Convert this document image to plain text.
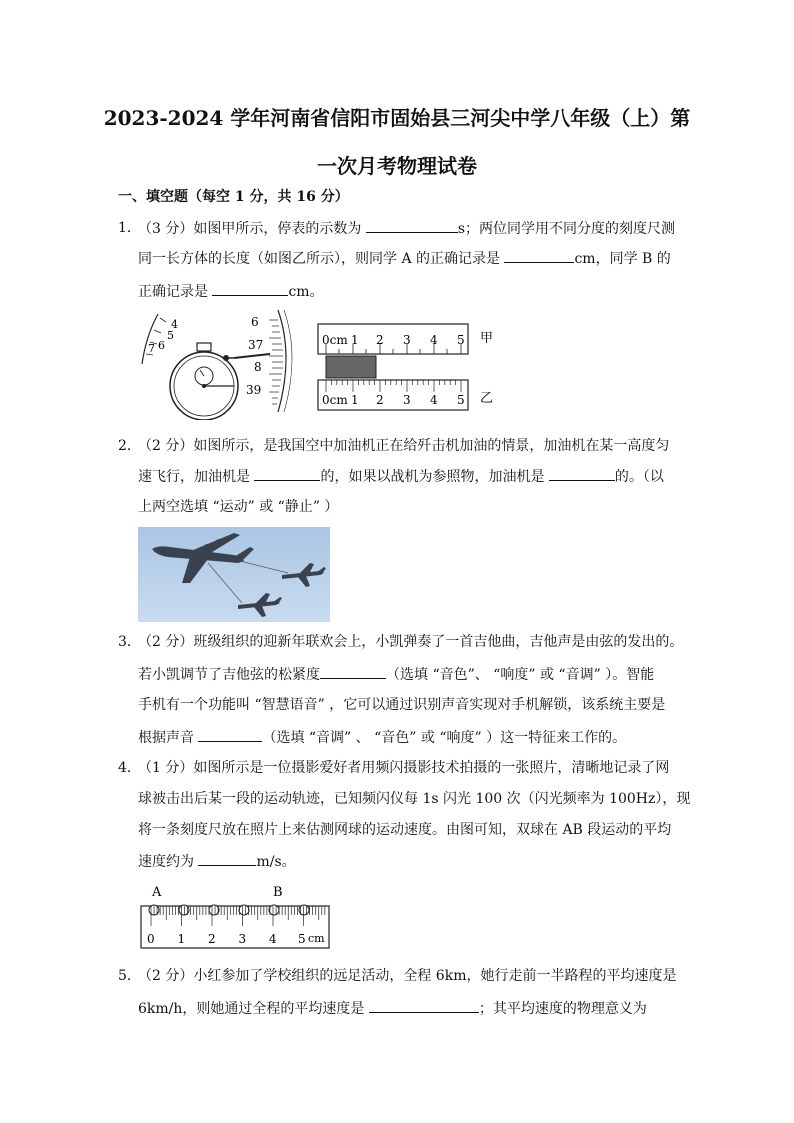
2023-2024 学年河南省信阳市固始县三河尖中学八年级（上）第
一次月考物理试卷
一、填空题（每空 1 分，共 16 分）
1．
（3 分）如图甲所示，停表的示数为	s；两位同学用不同分度的刻度尺测
同一长方体的长度（如图乙所示），则同学 A 的正确记录是	cm，同学 B 的
正确记录是	cm。
4
5
6
7
6
37
8
39
0cm 1 2 3 4 5 甲
0cm 1 2 3 4 5 乙
2．
（2 分）如图所示，是我国空中加油机正在给歼击机加油的情景，加油机在某一高度匀
速飞行，加油机是	的，如果以战机为参照物，加油机是	的。（以
上两空选填 “运动” 或 “静止” ）
3．
（2 分）班级组织的迎新年联欢会上，小凯弹奏了一首吉他曲，吉他声是由弦的发出的。
若小凯调节了吉他弦的松紧度	（选填 “音色”、 “响度” 或 “音调” ）。智能
手机有一个功能叫 “智慧语音” ，它可以通过识别声音实现对手机解锁，该系统主要是
根据声音	（选填 “音调” 、 “音色” 或 “响度” ）这一特征来工作的。
4．
（1 分）如图所示是一位摄影爱好者用频闪摄影技术拍摄的一张照片，清晰地记录了网
球被击出后某一段的运动轨迹，已知频闪仪每 1s 闪光 100 次（闪光频率为 100Hz），现
将一条刻度尺放在照片上来估测网球的运动速度。由图可知，双球在 AB 段运动的平均
速度约为	m/s。
A	B
0 1 2 3 4 5 cm
5．
（2 分）小红参加了学校组织的远足活动，全程 6km，她行走前一半路程的平均速度是
6km/h，则她通过全程的平均速度是	；其平均速度的物理意义为
